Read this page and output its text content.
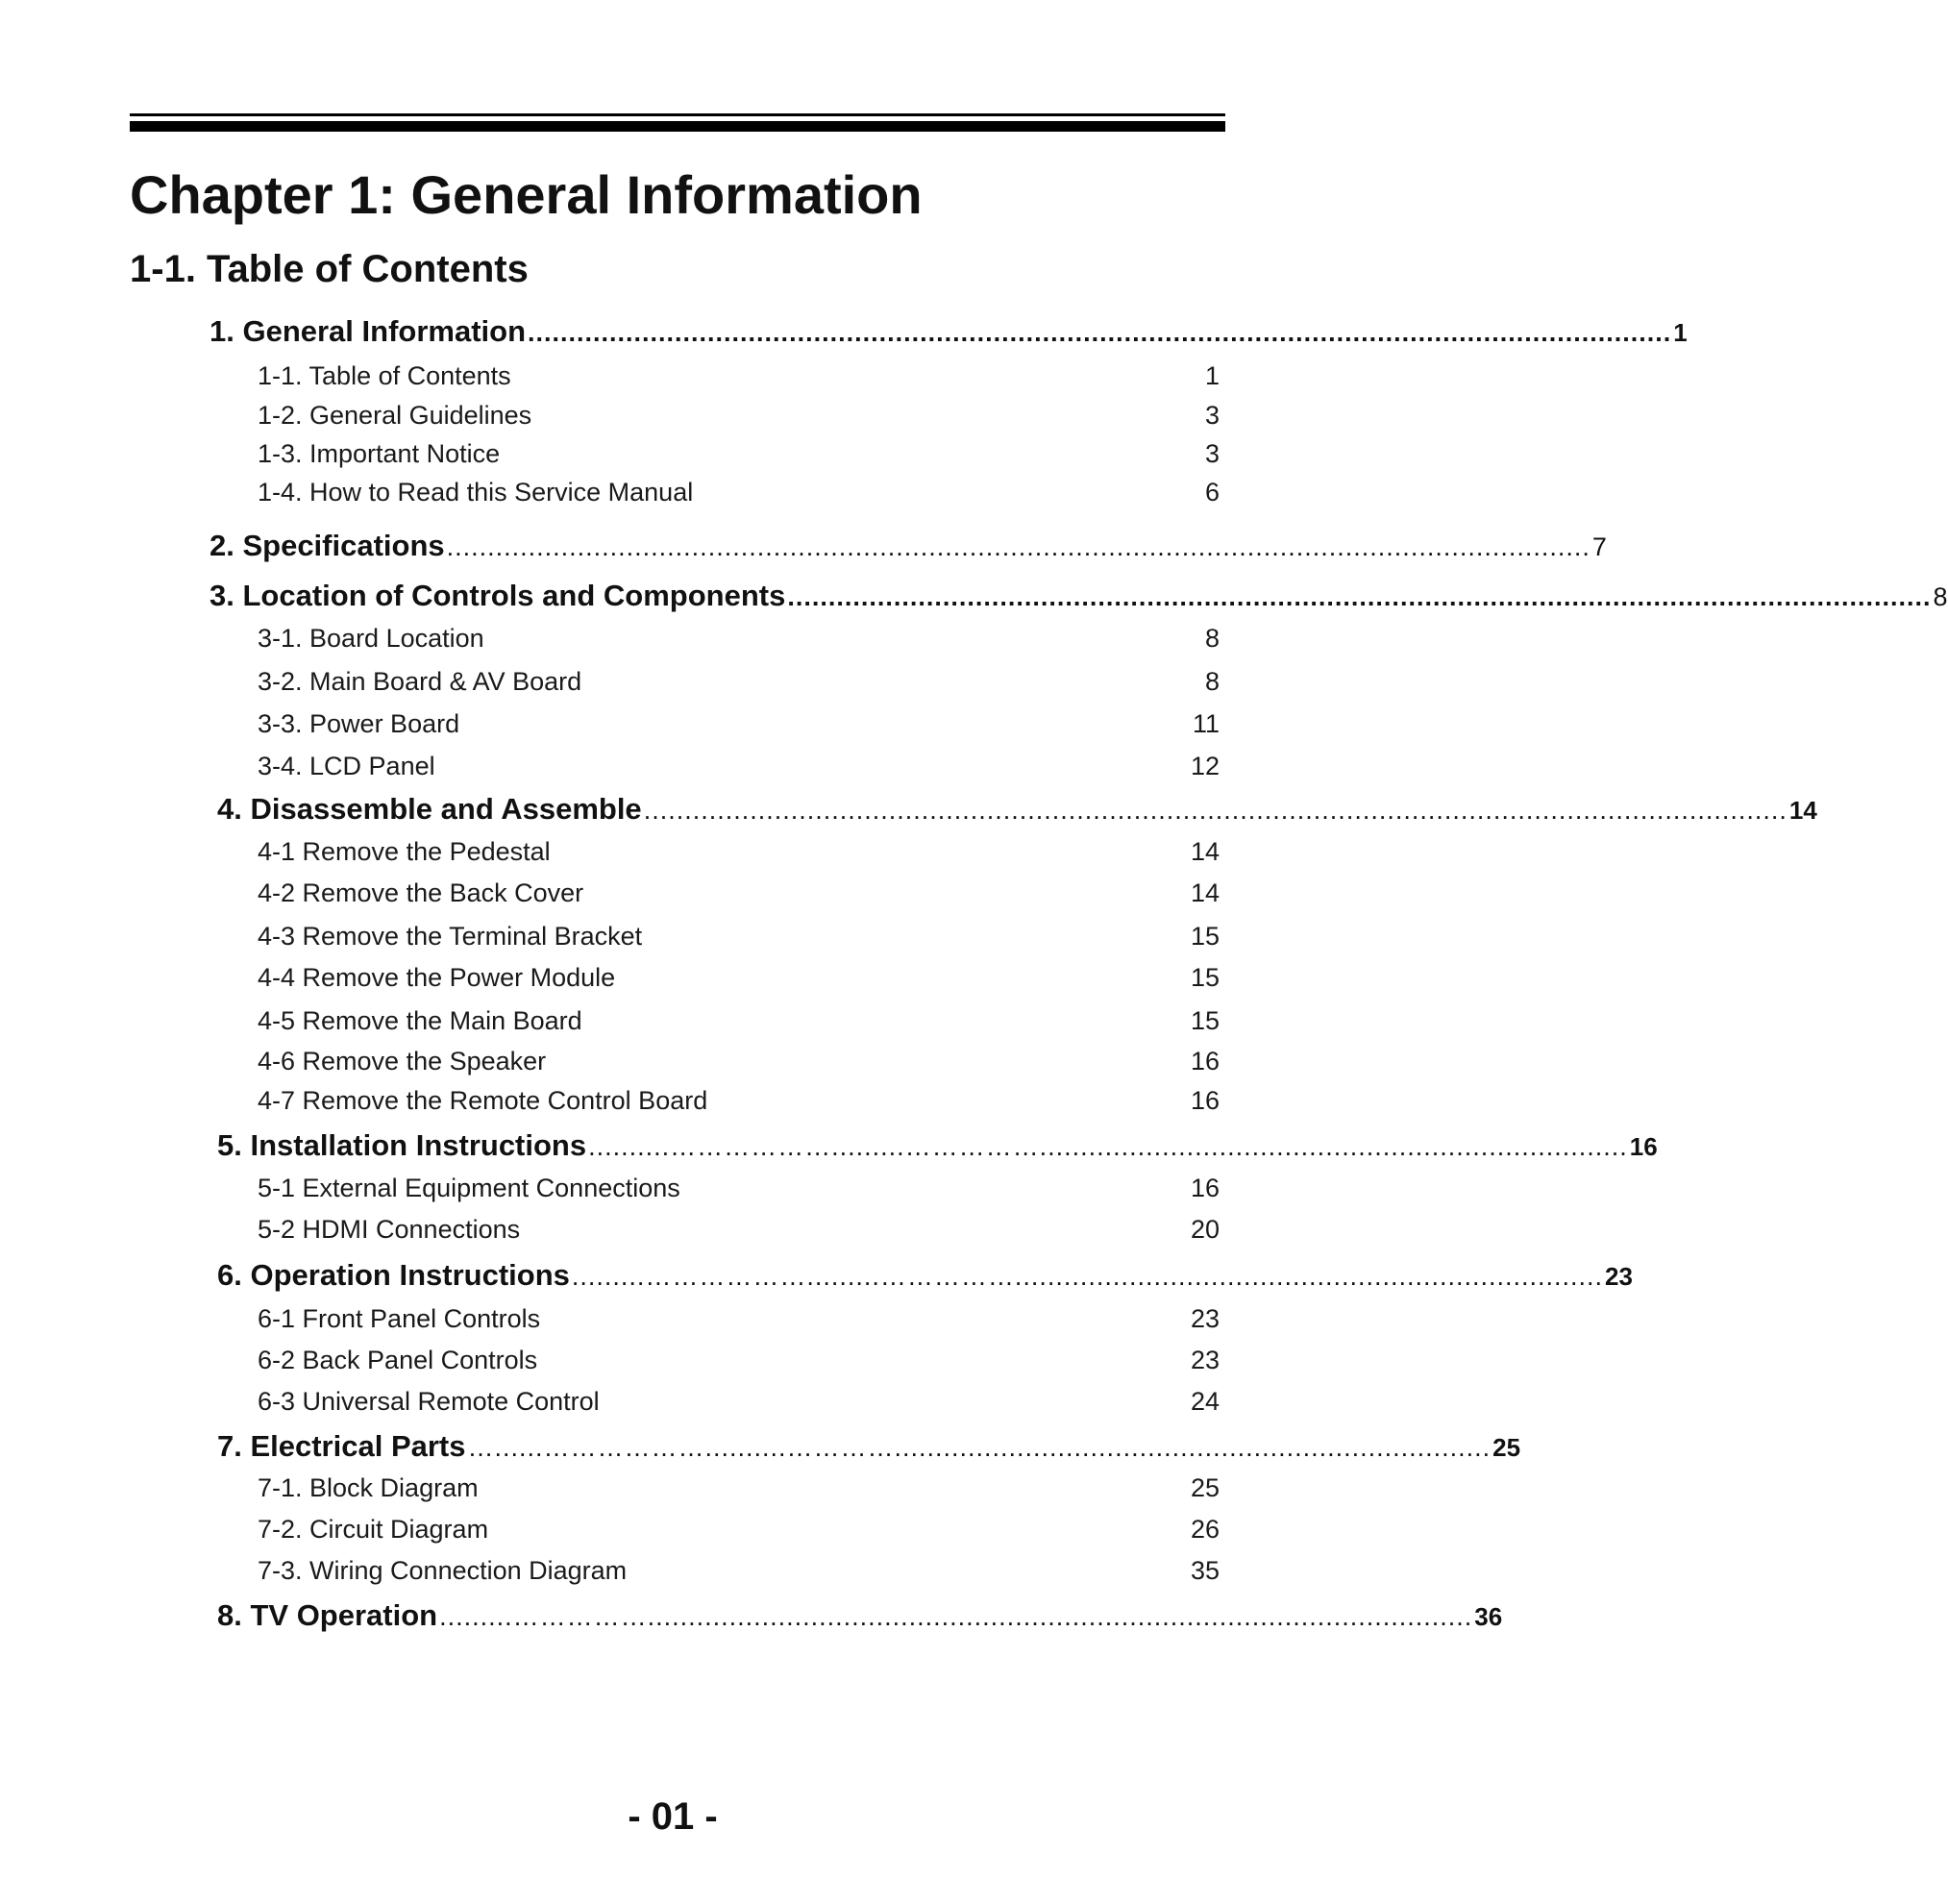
Chapter 1: General Information
1-1. Table of Contents
1. General Information ............................................................................................................................................ 1
1-1. Table of Contents	1
1-2. General Guidelines	3
1-3. Important Notice	3
1-4. How to Read this Service Manual	6
2. Specifications ............................................................................................................................................ 7
3. Location of Controls and Components ............................................................................................................................................ 8
3-1. Board Location	8
3-2. Main Board & AV Board	8
3-3. Power Board	11
3-4. LCD Panel	12
4. Disassemble and Assemble ............................................................................................................................................ 14
4-1 Remove the Pedestal	14
4-2 Remove the Back Cover	14
4-3 Remove the Terminal Bracket	15
4-4 Remove the Power Module	15
4-5 Remove the Main Board	15
4-6 Remove the Speaker	16
4-7 Remove the Remote Control Board	16
5. Installation Instructions ..........……………….........……………........................................................................ 16
5-1 External Equipment Connections	16
5-2 HDMI Connections	20
6. Operation Instructions .........……………….........……………........................................................................ 23
6-1 Front Panel Controls	23
6-2 Back Panel Controls	23
6-3 Universal Remote Control	24
7. Electrical Parts …......………………..........…………......................................................................... 25
7-1. Block Diagram	25
7-2. Circuit Diagram	26
7-3. Wiring Connection Diagram	35
8. TV Operation .........……………..................................................................................................... 36
- 01 -
